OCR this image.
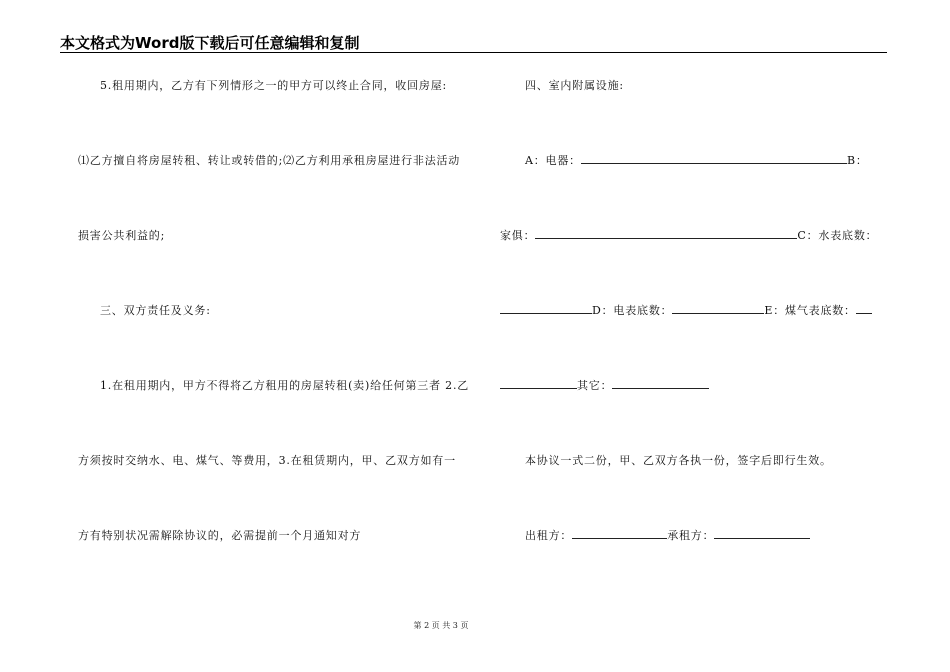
本文格式为Word版下载后可任意编辑和复制
5.租用期内，乙方有下列情形之一的甲方可以终止合同，收回房屋:
⑴乙方擅自将房屋转租、转让或转借的;⑵乙方利用承租房屋进行非法活动
损害公共利益的;
三、双方责任及义务:
1.在租用期内，甲方不得将乙方租用的房屋转租(卖)给任何第三者 2.乙
方须按时交纳水、电、煤气、等费用，3.在租赁期内，甲、乙双方如有一
方有特别状况需解除协议的，必需提前一个月通知对方
四、室内附属设施:
A：电器：	B：
家俱：	C：水表底数：
D：电表底数：	E：煤气表底数：
其它：
本协议一式二份，甲、乙双方各执一份，签字后即行生效。
出租方：	承租方：
第 2 页 共 3 页
